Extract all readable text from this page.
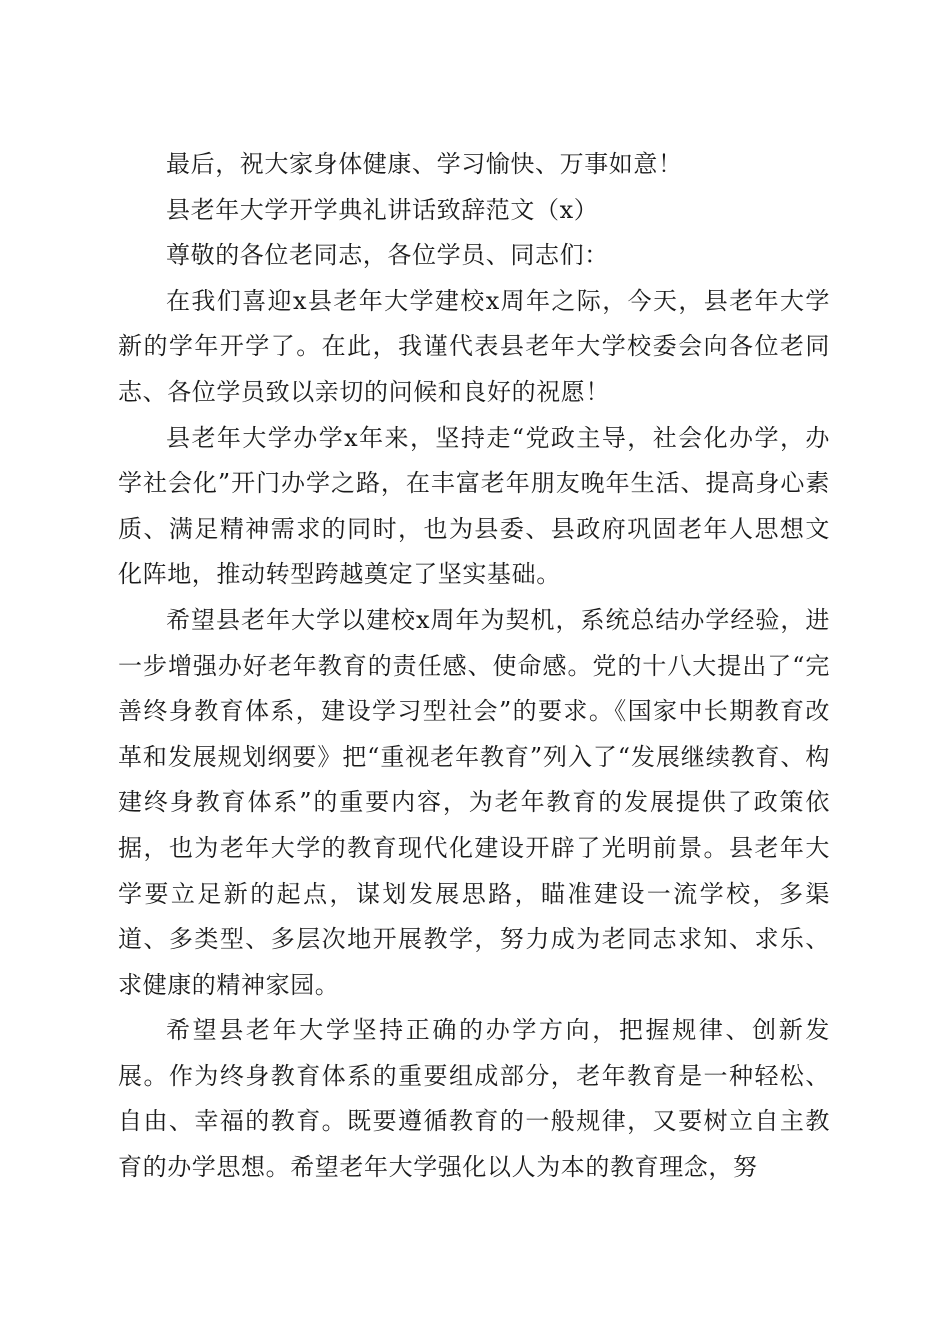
最后，祝大家身体健康、学习愉快、万事如意！

县老年大学开学典礼讲话致辞范文（x）

尊敬的各位老同志，各位学员、同志们：

在我们喜迎x县老年大学建校x周年之际，今天，县老年大学新的学年开学了。在此，我谨代表县老年大学校委会向各位老同志、各位学员致以亲切的问候和良好的祝愿！

县老年大学办学x年来，坚持走“党政主导，社会化办学，办学社会化”开门办学之路，在丰富老年朋友晚年生活、提高身心素质、满足精神需求的同时，也为县委、县政府巩固老年人思想文化阵地，推动转型跨越奠定了坚实基础。

希望县老年大学以建校x周年为契机，系统总结办学经验，进一步增强办好老年教育的责任感、使命感。党的十八大提出了“完善终身教育体系，建设学习型社会”的要求。《国家中长期教育改革和发展规划纲要》把“重视老年教育”列入了“发展继续教育、构建终身教育体系”的重要内容，为老年教育的发展提供了政策依据，也为老年大学的教育现代化建设开辟了光明前景。县老年大学要立足新的起点，谋划发展思路，瞄准建设一流学校，多渠道、多类型、多层次地开展教学，努力成为老同志求知、求乐、求健康的精神家园。

希望县老年大学坚持正确的办学方向，把握规律、创新发展。作为终身教育体系的重要组成部分，老年教育是一种轻松、自由、幸福的教育。既要遵循教育的一般规律，又要树立自主教育的办学思想。希望老年大学强化以人为本的教育理念，努
